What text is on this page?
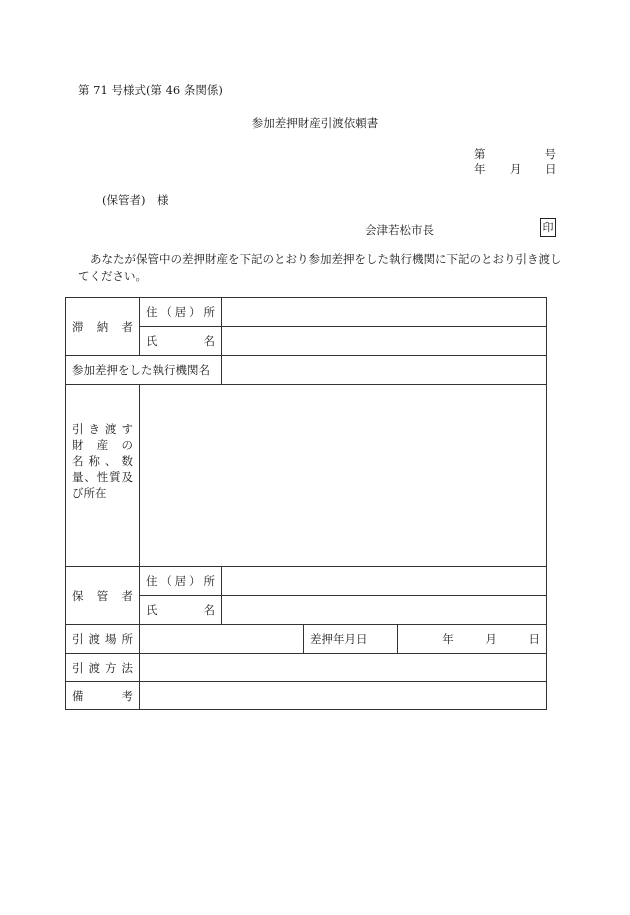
第 71 号様式(第 46 条関係)
参加差押財産引渡依頼書
第	号
年 月 日
(保管者)　様
会津若松市長	印
あなたが保管中の差押財産を下記のとおり参加差押をした執行機関に下記のとおり引き渡してください。
滞　納　者	住（居）所			

	氏　　名			

参加差押をした執行機関名				

引き渡す
財　産　の
名称、数
量、性質及
び所在				

保　管　者	住（居）所			

	氏　　名			

引渡場所			差押年月日	年 月 日

引渡方法				

備　　考				
